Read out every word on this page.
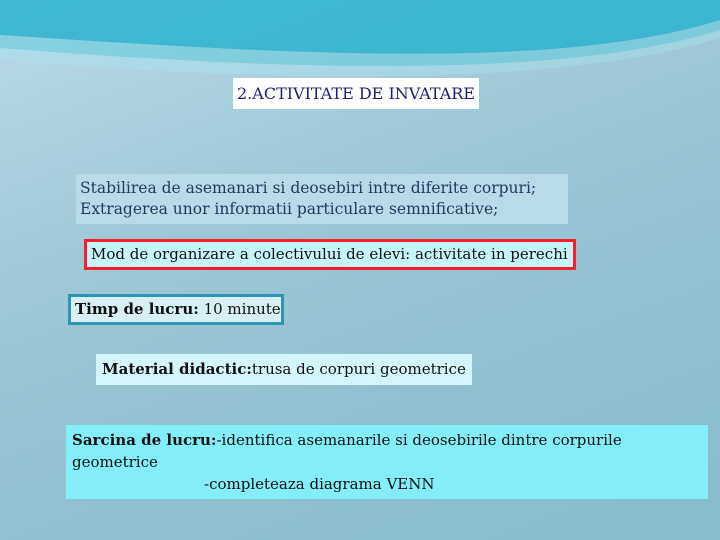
2.ACTIVITATE DE INVATARE
Stabilirea de asemanari si deosebiri intre diferite corpuri;
Extragerea unor informatii particulare semnificative;
Mod de organizare a colectivului de elevi: activitate in perechi
Timp de lucru: 10 minute
Material didactic:trusa de corpuri geometrice
Sarcina de lucru:-identifica asemanarile si deosebirile dintre corpurile
geometrice
-completeaza diagrama VENN
